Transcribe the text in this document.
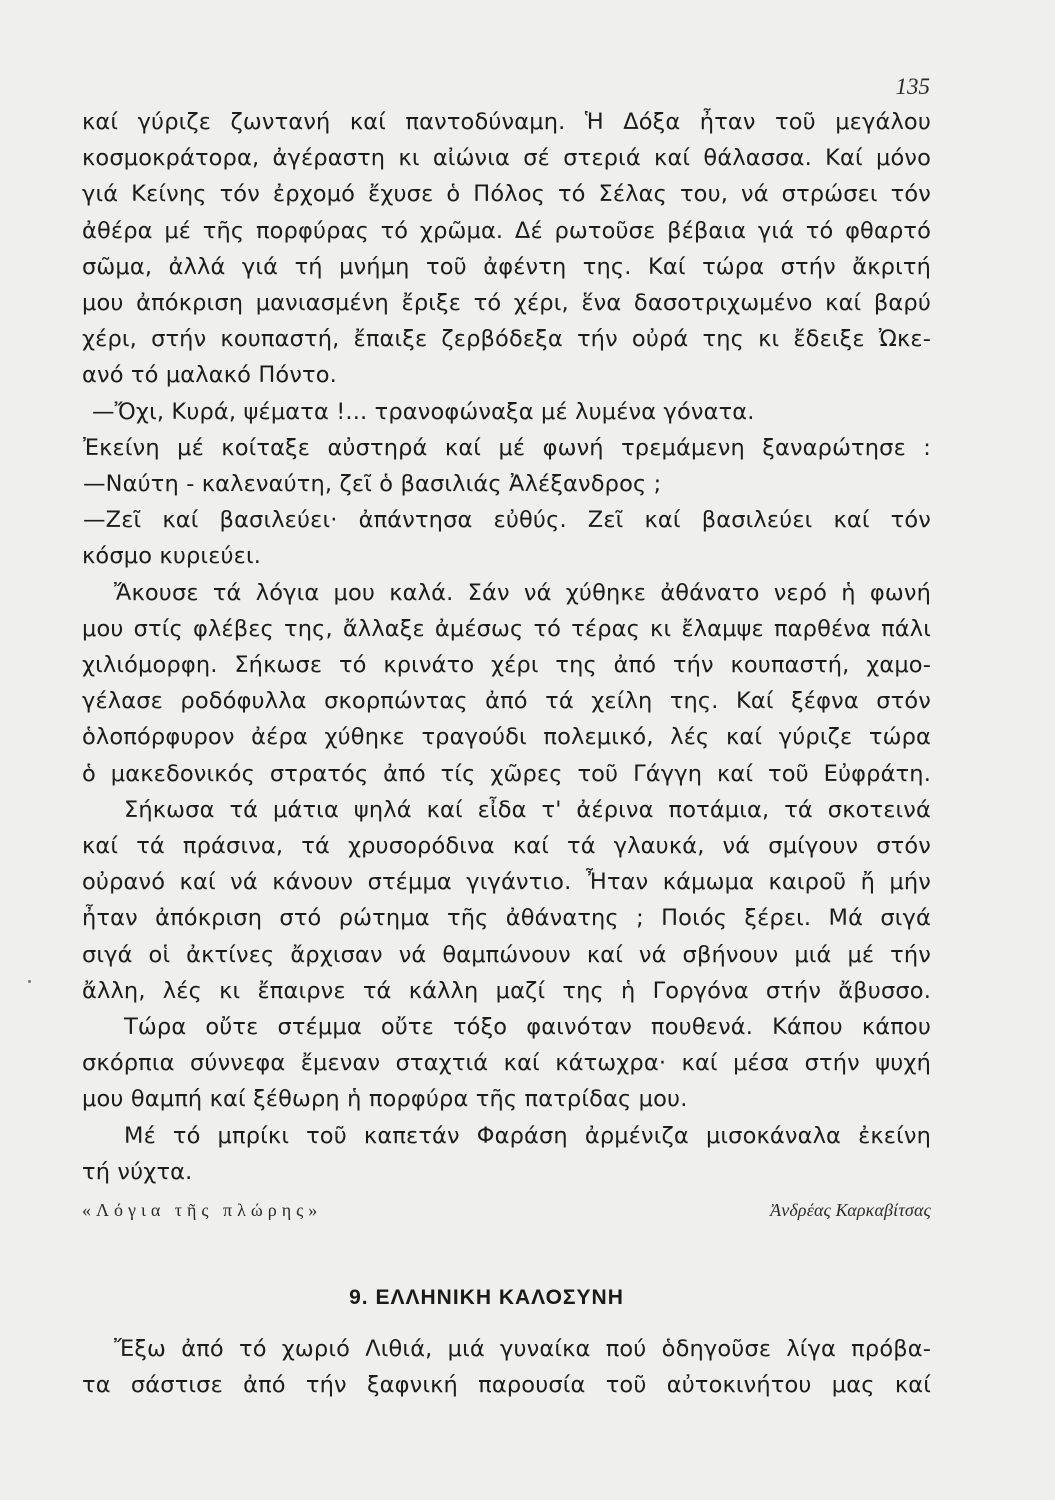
135

καί γύριζε ζωντανή καί παντοδύναμη. Ἡ Δόξα ἦταν τοῦ μεγάλου

κοσμοκράτορα, ἀγέραστη κι αἰώνια σέ στεριά καί θάλασσα. Καί μόνο

γιά Κείνης τόν ἐρχομό ἔχυσε ὁ Πόλος τό Σέλας του, νά στρώσει τόν

ἀθέρα μέ τῆς πορφύρας τό χρῶμα. Δέ ρωτοῦσε βέβαια γιά τό φθαρτό

σῶμα, ἀλλά γιά τή μνήμη τοῦ ἀφέντη της. Καί τώρα στήν ἄκριτή

μου ἀπόκριση μανιασμένη ἔριξε τό χέρι, ἕνα δασοτριχωμένο καί βαρύ

χέρι, στήν κουπαστή, ἔπαιξε ζερβόδεξα τήν οὐρά της κι ἔδειξε Ὠκε-

ανό τό μαλακό Πόντο.

—Ὄχι, Κυρά, ψέματα !... τρανοφώναξα μέ λυμένα γόνατα.

Ἐκείνη μέ κοίταξε αὐστηρά καί μέ φωνή τρεμάμενη ξαναρώτησε :

—Ναύτη - καλεναύτη, ζεῖ ὁ βασιλιάς Ἀλέξανδρος ;

—Ζεῖ καί βασιλεύει· ἀπάντησα εὐθύς. Ζεῖ καί βασιλεύει καί τόν

κόσμο κυριεύει.

Ἄκουσε τά λόγια μου καλά. Σάν νά χύθηκε ἀθάνατο νερό ἡ φωνή

μου στίς φλέβες της, ἄλλαξε ἀμέσως τό τέρας κι ἔλαμψε παρθένα πάλι

χιλιόμορφη. Σήκωσε τό κρινάτο χέρι της ἀπό τήν κουπαστή, χαμο-

γέλασε ροδόφυλλα σκορπώντας ἀπό τά χείλη της. Καί ξέφνα στόν

ὁλοπόρφυρον ἀέρα χύθηκε τραγούδι πολεμικό, λές καί γύριζε τώρα

ὁ μακεδονικός στρατός ἀπό τίς χῶρες τοῦ Γάγγη καί τοῦ Εὐφράτη.

Σήκωσα τά μάτια ψηλά καί εἶδα τ' ἀέρινα ποτάμια, τά σκοτεινά

καί τά πράσινα, τά χρυσορόδινα καί τά γλαυκά, νά σμίγουν στόν

οὐρανό καί νά κάνουν στέμμα γιγάντιο. Ἦταν κάμωμα καιροῦ ἤ μήν

ἦταν ἀπόκριση στό ρώτημα τῆς ἀθάνατης ; Ποιός ξέρει. Μά σιγά

σιγά οἱ ἀκτίνες ἄρχισαν νά θαμπώνουν καί νά σβήνουν μιά μέ τήν

ἄλλη, λές κι ἔπαιρνε τά κάλλη μαζί της ἡ Γοργόνα στήν ἄβυσσο.

Τώρα οὔτε στέμμα οὔτε τόξο φαινόταν πουθενά. Κάπου κάπου

σκόρπια σύννεφα ἔμεναν σταχτιά καί κάτωχρα· καί μέσα στήν ψυχή

μου θαμπή καί ξέθωρη ἡ πορφύρα τῆς πατρίδας μου.

Μέ τό μπρίκι τοῦ καπετάν Φαράση ἀρμένιζα μισοκάναλα ἐκείνη

τή νύχτα.

«Λόγια τῆς πλώρης»	Ἀνδρέας Καρκαβίτσας
9. ΕΛΛΗΝΙΚΗ ΚΑΛΟΣΥΝΗ

Ἔξω ἀπό τό χωριό Λιθιά, μιά γυναίκα πού ὁδηγοῦσε λίγα πρόβα-

τα σάστισε ἀπό τήν ξαφνική παρουσία τοῦ αὐτοκινήτου μας καί
